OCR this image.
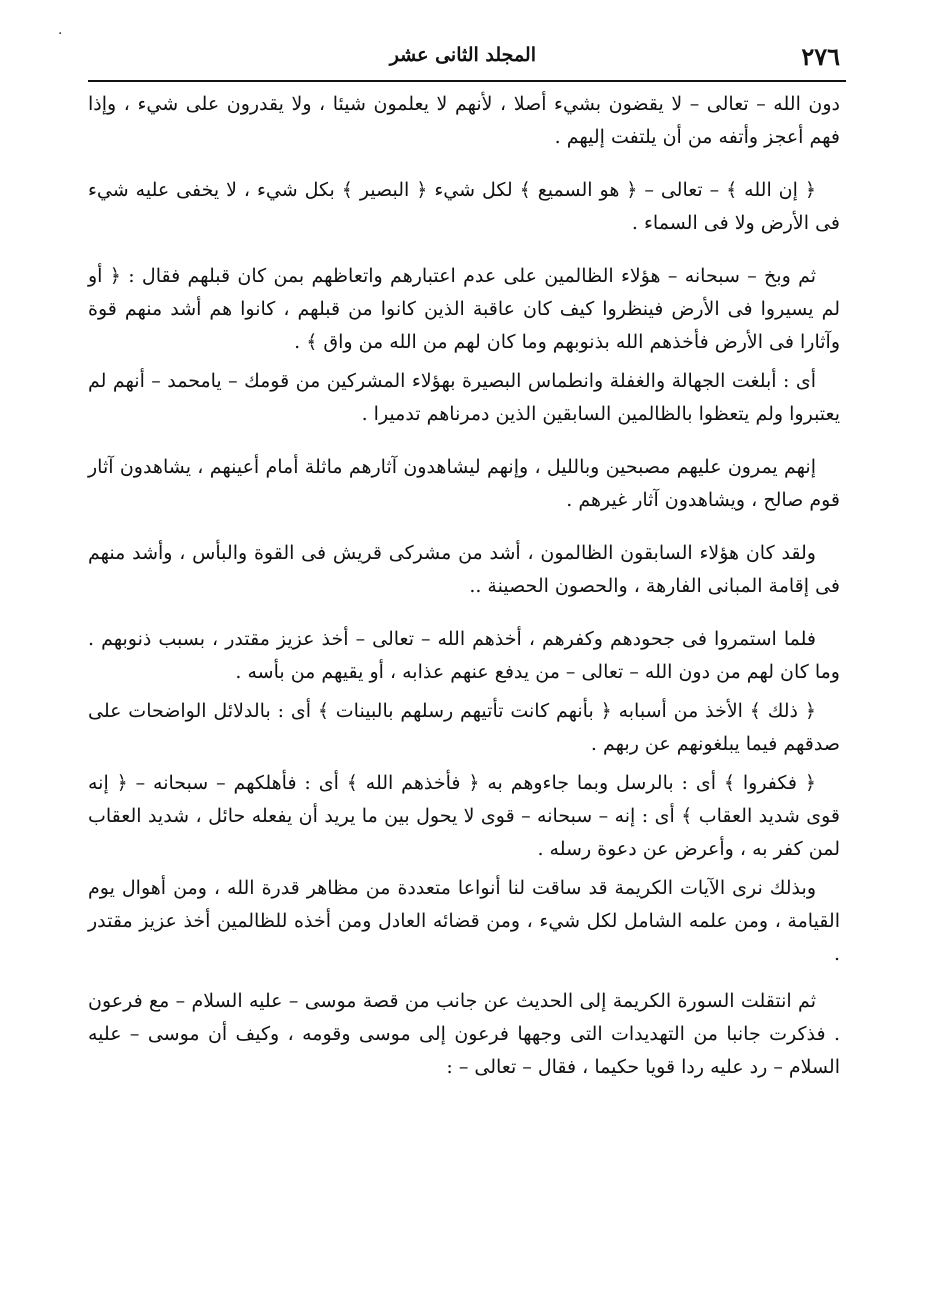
·
٢٧٦
المجلد الثانى عشر

دون الله – تعالى – لا يقضون بشيء أصلا ، لأنهم لا يعلمون شيئا ، ولا يقدرون على شيء ، وإذا فهم أعجز وأتفه من أن يلتفت إليهم .

﴿ إن الله ﴾ – تعالى – ﴿ هو السميع ﴾ لكل شيء ﴿ البصير ﴾ بكل شيء ، لا يخفى عليه شيء فى الأرض ولا فى السماء .

ثم وبخ – سبحانه – هؤلاء الظالمين على عدم اعتبارهم واتعاظهم بمن كان قبلهم فقال : ﴿ أو لم يسيروا فى الأرض فينظروا كيف كان عاقبة الذين كانوا من قبلهم ، كانوا هم أشد منهم قوة وآثارا فى الأرض فأخذهم الله بذنوبهم وما كان لهم من الله من واق ﴾ .

أى : أبلغت الجهالة والغفلة وانطماس البصيرة بهؤلاء المشركين من قومك – يامحمد – أنهم لم يعتبروا ولم يتعظوا بالظالمين السابقين الذين دمرناهم تدميرا .

إنهم يمرون عليهم مصبحين وبالليل ، وإنهم ليشاهدون آثارهم ماثلة أمام أعينهم ، يشاهدون آثار قوم صالح ، ويشاهدون آثار غيرهم .

ولقد كان هؤلاء السابقون الظالمون ، أشد من مشركى قريش فى القوة والبأس ، وأشد منهم فى إقامة المبانى الفارهة ، والحصون الحصينة ..

فلما استمروا فى جحودهم وكفرهم ، أخذهم الله – تعالى – أخذ عزيز مقتدر ، بسبب ذنوبهم . وما كان لهم من دون الله – تعالى – من يدفع عنهم عذابه ، أو يقيهم من بأسه .

﴿ ذلك ﴾ الأخذ من أسبابه ﴿ بأنهم كانت تأتيهم رسلهم بالبينات ﴾ أى : بالدلائل الواضحات على صدقهم فيما يبلغونهم عن ربهم .

﴿ فكفروا ﴾ أى : بالرسل وبما جاءوهم به ﴿ فأخذهم الله ﴾ أى : فأهلكهم – سبحانه – ﴿ إنه قوى شديد العقاب ﴾ أى : إنه – سبحانه – قوى لا يحول بين ما يريد أن يفعله حائل ، شديد العقاب لمن كفر به ، وأعرض عن دعوة رسله .

وبذلك نرى الآيات الكريمة قد ساقت لنا أنواعا متعددة من مظاهر قدرة الله ، ومن أهوال يوم القيامة ، ومن علمه الشامل لكل شيء ، ومن قضائه العادل ومن أخذه للظالمين أخذ عزيز مقتدر .

ثم انتقلت السورة الكريمة إلى الحديث عن جانب من قصة موسى – عليه السلام – مع فرعون . فذكرت جانبا من التهديدات التى وجهها فرعون إلى موسى وقومه ، وكيف أن موسى – عليه السلام – رد عليه ردا قويا حكيما ، فقال – تعالى – :
